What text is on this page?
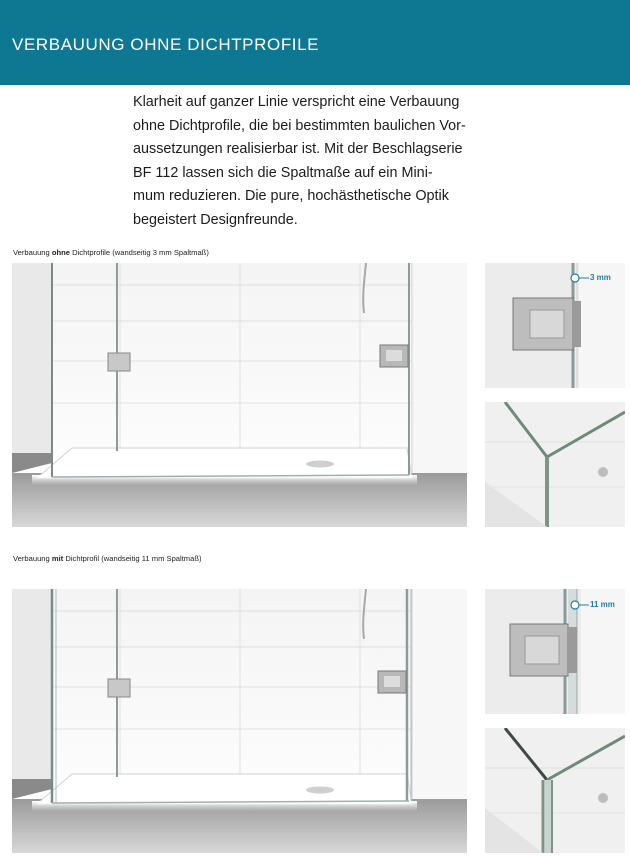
VERBAUUNG OHNE DICHTPROFILE
Klarheit auf ganzer Linie verspricht eine Verbauung
ohne Dichtprofile, die bei bestimmten baulichen Vor-
aussetzungen realisierbar ist. Mit der Beschlagserie
BF 112 lassen sich die Spaltmaße auf ein Mini-
mum reduzieren. Die pure, hochästhetische Optik
begeistert Designfreunde.
Verbauung ohne Dichtprofile (wandseitig 3 mm Spaltmaß)
3 mm
Verbauung mit Dichtprofil (wandseitig 11 mm Spaltmaß)
11 mm
